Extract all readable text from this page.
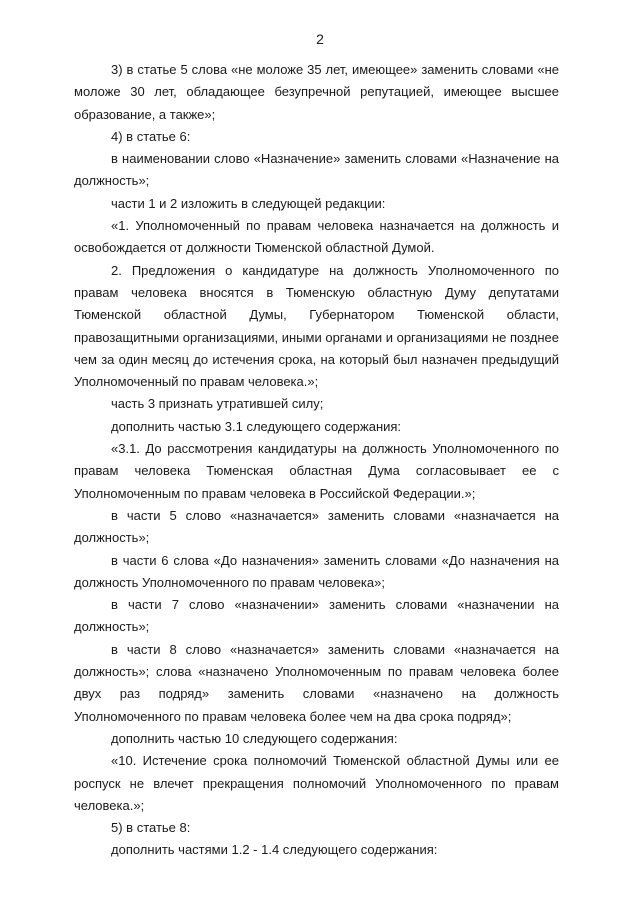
2

3) в статье 5 слова «не моложе 35 лет, имеющее» заменить словами «не моложе 30 лет, обладающее безупречной репутацией, имеющее высшее образование, а также»;

4) в статье 6:

в наименовании слово «Назначение» заменить словами «Назначение на должность»;

части 1 и 2 изложить в следующей редакции:

«1. Уполномоченный по правам человека назначается на должность и освобождается от должности Тюменской областной Думой.

2. Предложения о кандидатуре на должность Уполномоченного по правам человека вносятся в Тюменскую областную Думу депутатами Тюменской областной Думы, Губернатором Тюменской области, правозащитными организациями, иными органами и организациями не позднее чем за один месяц до истечения срока, на который был назначен предыдущий Уполномоченный по правам человека.»;

часть 3 признать утратившей силу;

дополнить частью 3.1 следующего содержания:

«3.1. До рассмотрения кандидатуры на должность Уполномоченного по правам человека Тюменская областная Дума согласовывает ее с Уполномоченным по правам человека в Российской Федерации.»;

в части 5 слово «назначается» заменить словами «назначается на должность»;

в части 6 слова «До назначения» заменить словами «До назначения на должность Уполномоченного по правам человека»;

в части 7 слово «назначении» заменить словами «назначении на должность»;

в части 8 слово «назначается» заменить словами «назначается на должность»; слова «назначено Уполномоченным по правам человека более двух раз подряд» заменить словами «назначено на должность Уполномоченного по правам человека более чем на два срока подряд»;

дополнить частью 10 следующего содержания:

«10. Истечение срока полномочий Тюменской областной Думы или ее роспуск не влечет прекращения полномочий Уполномоченного по правам человека.»;

5) в статье 8:

дополнить частями 1.2 - 1.4 следующего содержания:
